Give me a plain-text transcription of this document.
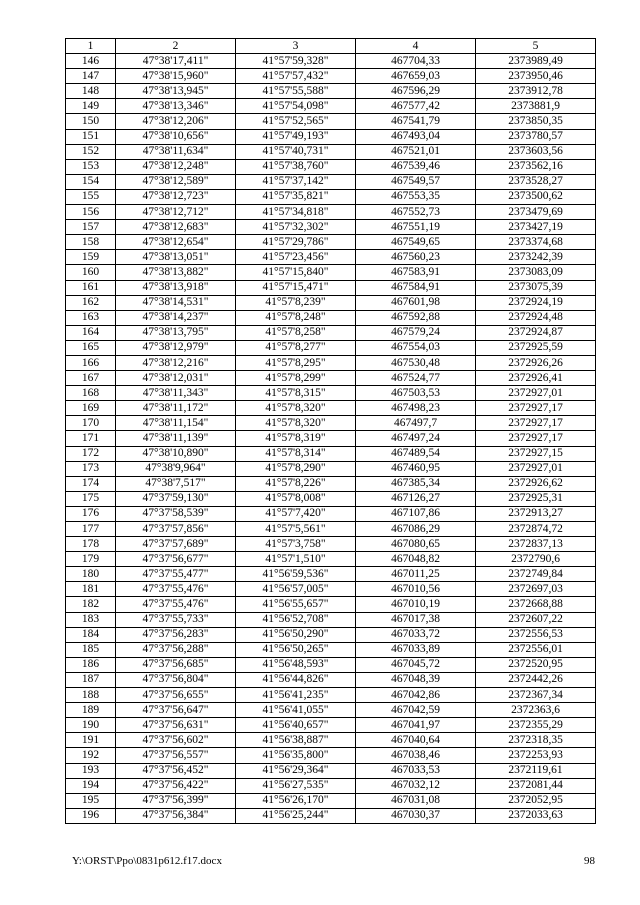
1	2	3	4	5
146	47°38'17,411"	41°57'59,328"	467704,33	2373989,49
147	47°38'15,960"	41°57'57,432"	467659,03	2373950,46
148	47°38'13,945"	41°57'55,588"	467596,29	2373912,78
149	47°38'13,346"	41°57'54,098"	467577,42	2373881,9
150	47°38'12,206"	41°57'52,565"	467541,79	2373850,35
151	47°38'10,656"	41°57'49,193"	467493,04	2373780,57
152	47°38'11,634"	41°57'40,731"	467521,01	2373603,56
153	47°38'12,248"	41°57'38,760"	467539,46	2373562,16
154	47°38'12,589"	41°57'37,142"	467549,57	2373528,27
155	47°38'12,723"	41°57'35,821"	467553,35	2373500,62
156	47°38'12,712"	41°57'34,818"	467552,73	2373479,69
157	47°38'12,683"	41°57'32,302"	467551,19	2373427,19
158	47°38'12,654"	41°57'29,786"	467549,65	2373374,68
159	47°38'13,051"	41°57'23,456"	467560,23	2373242,39
160	47°38'13,882"	41°57'15,840"	467583,91	2373083,09
161	47°38'13,918"	41°57'15,471"	467584,91	2373075,39
162	47°38'14,531"	41°57'8,239"	467601,98	2372924,19
163	47°38'14,237"	41°57'8,248"	467592,88	2372924,48
164	47°38'13,795"	41°57'8,258"	467579,24	2372924,87
165	47°38'12,979"	41°57'8,277"	467554,03	2372925,59
166	47°38'12,216"	41°57'8,295"	467530,48	2372926,26
167	47°38'12,031"	41°57'8,299"	467524,77	2372926,41
168	47°38'11,343"	41°57'8,315"	467503,53	2372927,01
169	47°38'11,172"	41°57'8,320"	467498,23	2372927,17
170	47°38'11,154"	41°57'8,320"	467497,7	2372927,17
171	47°38'11,139"	41°57'8,319"	467497,24	2372927,17
172	47°38'10,890"	41°57'8,314"	467489,54	2372927,15
173	47°38'9,964"	41°57'8,290"	467460,95	2372927,01
174	47°38'7,517"	41°57'8,226"	467385,34	2372926,62
175	47°37'59,130"	41°57'8,008"	467126,27	2372925,31
176	47°37'58,539"	41°57'7,420"	467107,86	2372913,27
177	47°37'57,856"	41°57'5,561"	467086,29	2372874,72
178	47°37'57,689"	41°57'3,758"	467080,65	2372837,13
179	47°37'56,677"	41°57'1,510"	467048,82	2372790,6
180	47°37'55,477"	41°56'59,536"	467011,25	2372749,84
181	47°37'55,476"	41°56'57,005"	467010,56	2372697,03
182	47°37'55,476"	41°56'55,657"	467010,19	2372668,88
183	47°37'55,733"	41°56'52,708"	467017,38	2372607,22
184	47°37'56,283"	41°56'50,290"	467033,72	2372556,53
185	47°37'56,288"	41°56'50,265"	467033,89	2372556,01
186	47°37'56,685"	41°56'48,593"	467045,72	2372520,95
187	47°37'56,804"	41°56'44,826"	467048,39	2372442,26
188	47°37'56,655"	41°56'41,235"	467042,86	2372367,34
189	47°37'56,647"	41°56'41,055"	467042,59	2372363,6
190	47°37'56,631"	41°56'40,657"	467041,97	2372355,29
191	47°37'56,602"	41°56'38,887"	467040,64	2372318,35
192	47°37'56,557"	41°56'35,800"	467038,46	2372253,93
193	47°37'56,452"	41°56'29,364"	467033,53	2372119,61
194	47°37'56,422"	41°56'27,535"	467032,12	2372081,44
195	47°37'56,399"	41°56'26,170"	467031,08	2372052,95
196	47°37'56,384"	41°56'25,244"	467030,37	2372033,63
Y:\ORST\Ppo\0831p612.f17.docx	98
